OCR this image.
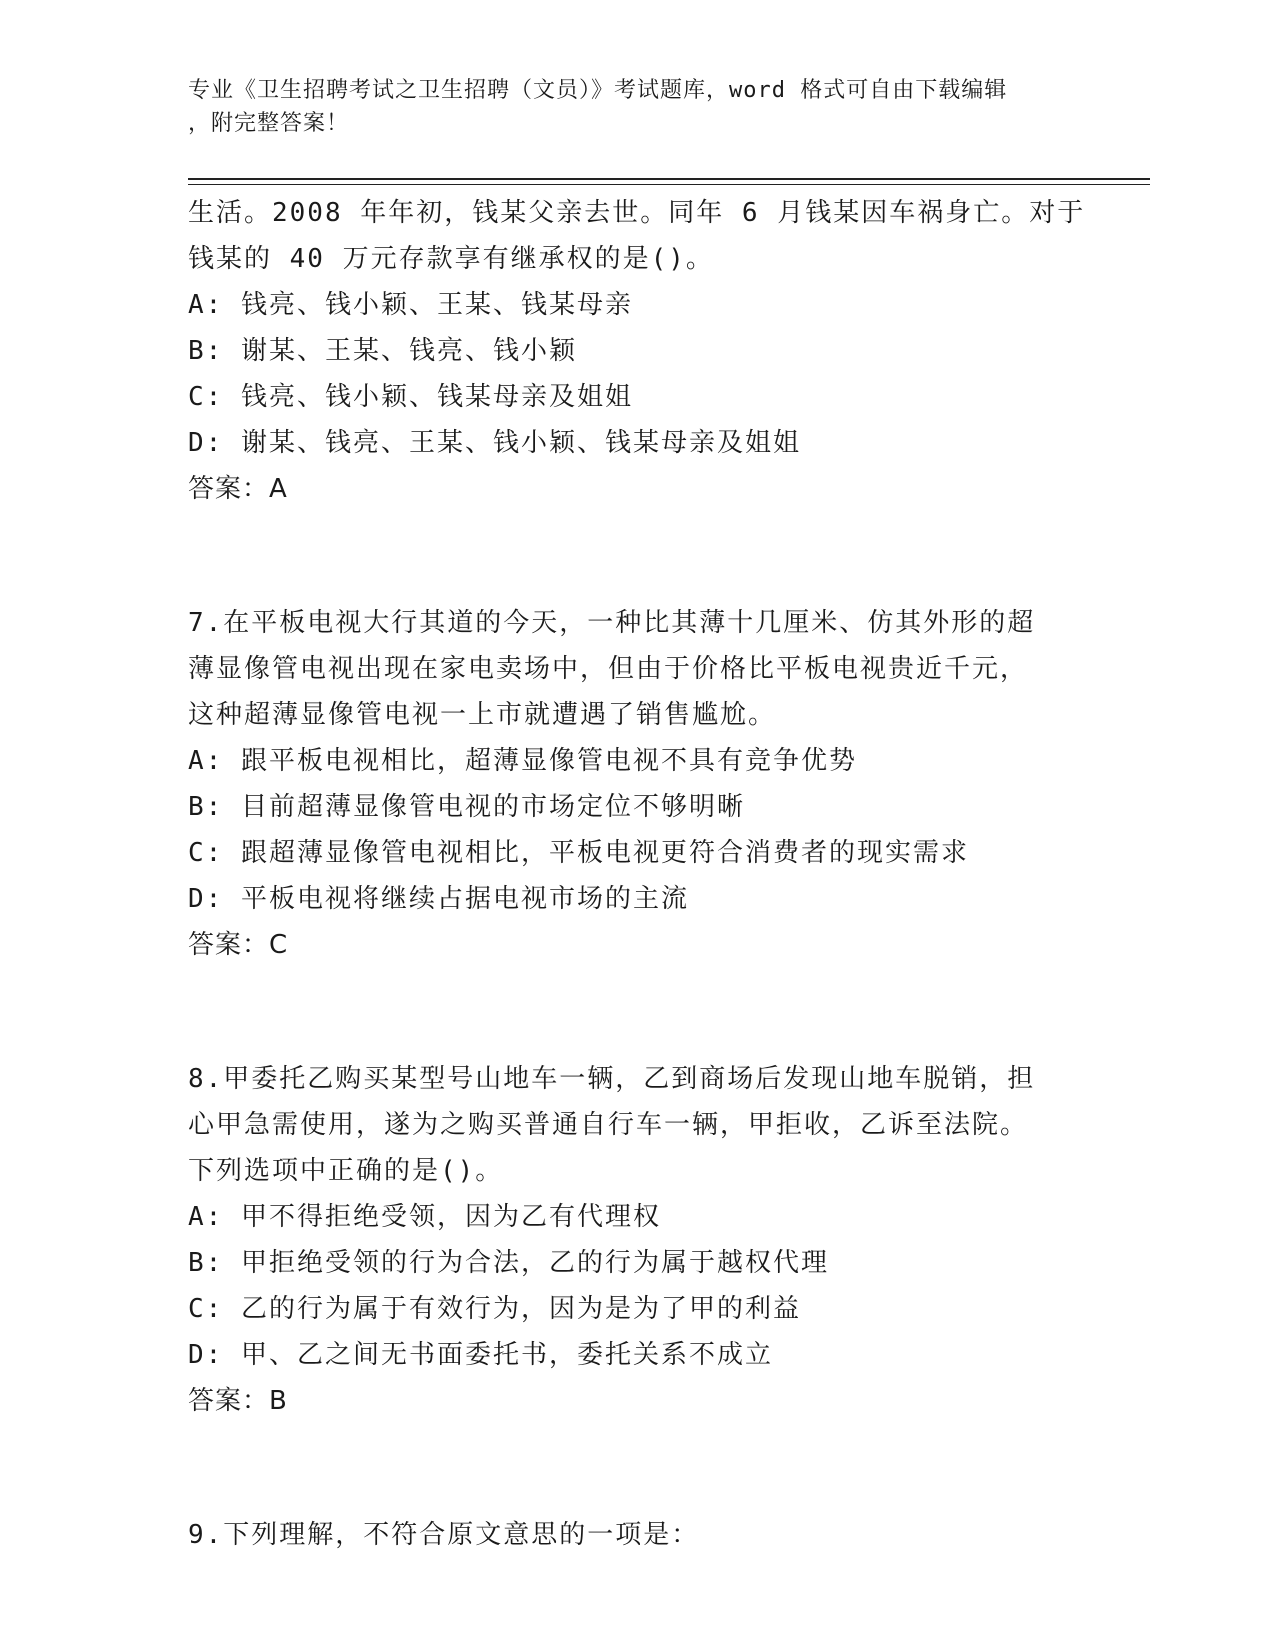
专业《卫生招聘考试之卫生招聘（文员）》考试题库，word 格式可自由下载编辑
，附完整答案！
生活。2008 年年初，钱某父亲去世。同年 6 月钱某因车祸身亡。对于
钱某的 40 万元存款享有继承权的是()。
A: 钱亮、钱小颖、王某、钱某母亲
B: 谢某、王某、钱亮、钱小颖
C: 钱亮、钱小颖、钱某母亲及姐姐
D: 谢某、钱亮、王某、钱小颖、钱某母亲及姐姐
答案：A
7.在平板电视大行其道的今天，一种比其薄十几厘米、仿其外形的超
薄显像管电视出现在家电卖场中，但由于价格比平板电视贵近千元，
这种超薄显像管电视一上市就遭遇了销售尴尬。
A: 跟平板电视相比，超薄显像管电视不具有竞争优势
B: 目前超薄显像管电视的市场定位不够明晰
C: 跟超薄显像管电视相比，平板电视更符合消费者的现实需求
D: 平板电视将继续占据电视市场的主流
答案：C
8.甲委托乙购买某型号山地车一辆，乙到商场后发现山地车脱销，担
心甲急需使用，遂为之购买普通自行车一辆，甲拒收，乙诉至法院。
下列选项中正确的是()。
A: 甲不得拒绝受领，因为乙有代理权
B: 甲拒绝受领的行为合法，乙的行为属于越权代理
C: 乙的行为属于有效行为，因为是为了甲的利益
D: 甲、乙之间无书面委托书，委托关系不成立
答案：B
9.下列理解，不符合原文意思的一项是：
